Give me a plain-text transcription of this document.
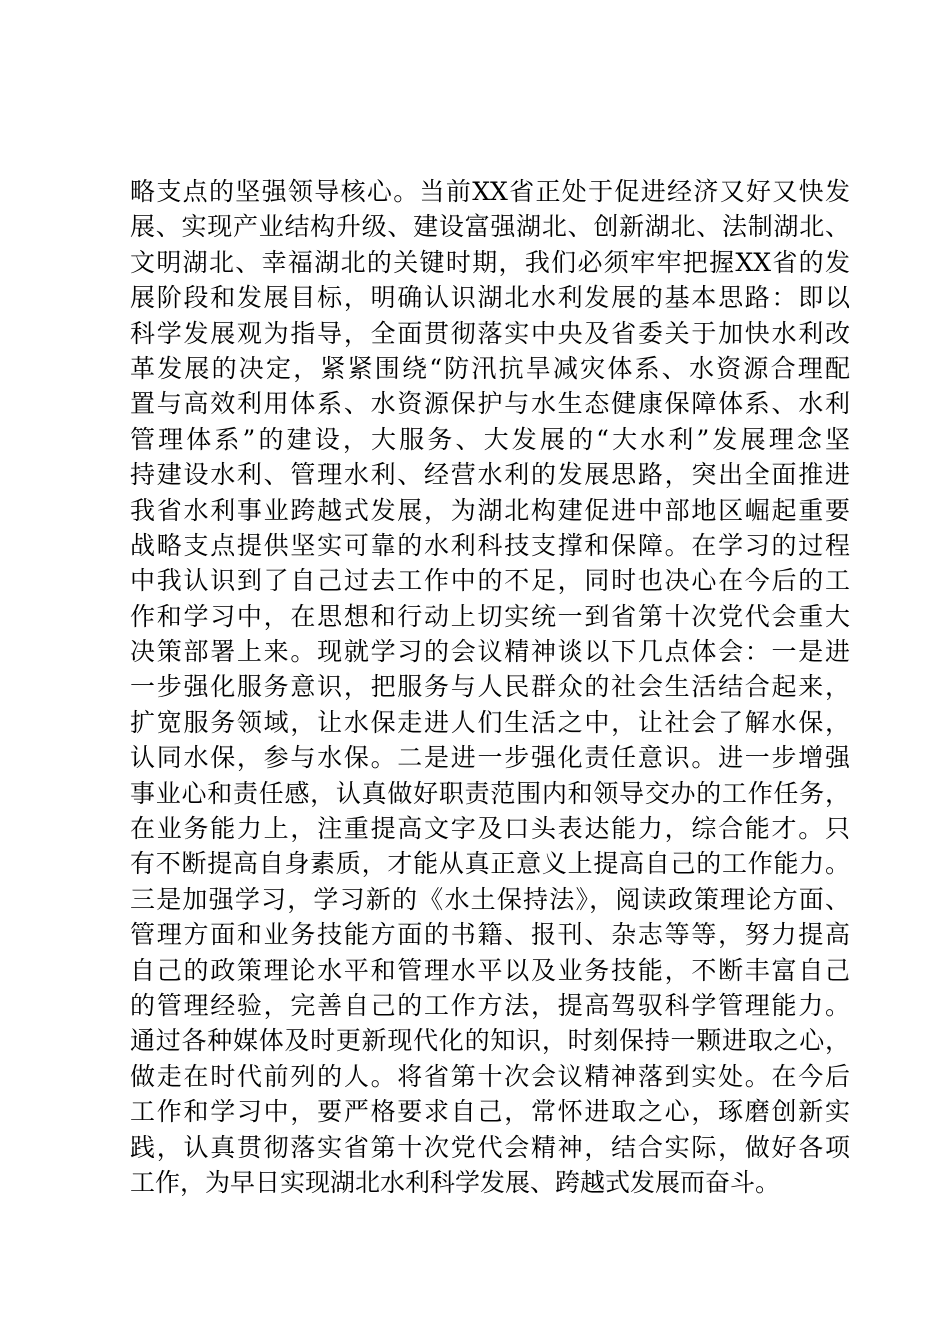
略支点的坚强领导核心。当前XX省正处于促进经济又好又快发
展、实现产业结构升级、建设富强湖北、创新湖北、法制湖北、
文明湖北、幸福湖北的关键时期，我们必须牢牢把握XX省的发
展阶段和发展目标，明确认识湖北水利发展的基本思路：即以
科学发展观为指导，全面贯彻落实中央及省委关于加快水利改
革发展的决定，紧紧围绕“防汛抗旱减灾体系、水资源合理配
置与高效利用体系、水资源保护与水生态健康保障体系、水利
管理体系”的建设，大服务、大发展的“大水利”发展理念坚
持建设水利、管理水利、经营水利的发展思路，突出全面推进
我省水利事业跨越式发展，为湖北构建促进中部地区崛起重要
战略支点提供坚实可靠的水利科技支撑和保障。在学习的过程
中我认识到了自己过去工作中的不足，同时也决心在今后的工
作和学习中，在思想和行动上切实统一到省第十次党代会重大
决策部署上来。现就学习的会议精神谈以下几点体会：一是进
一步强化服务意识，把服务与人民群众的社会生活结合起来，
扩宽服务领域，让水保走进人们生活之中，让社会了解水保，
认同水保，参与水保。二是进一步强化责任意识。进一步增强
事业心和责任感，认真做好职责范围内和领导交办的工作任务，
在业务能力上，注重提高文字及口头表达能力，综合能才。只
有不断提高自身素质，才能从真正意义上提高自己的工作能力。
三是加强学习，学习新的《水土保持法》，阅读政策理论方面、
管理方面和业务技能方面的书籍、报刊、杂志等等，努力提高
自己的政策理论水平和管理水平以及业务技能，不断丰富自己
的管理经验，完善自己的工作方法，提高驾驭科学管理能力。
通过各种媒体及时更新现代化的知识，时刻保持一颗进取之心，
做走在时代前列的人。将省第十次会议精神落到实处。在今后
工作和学习中，要严格要求自己，常怀进取之心，琢磨创新实
践，认真贯彻落实省第十次党代会精神，结合实际，做好各项
工作，为早日实现湖北水利科学发展、跨越式发展而奋斗。
